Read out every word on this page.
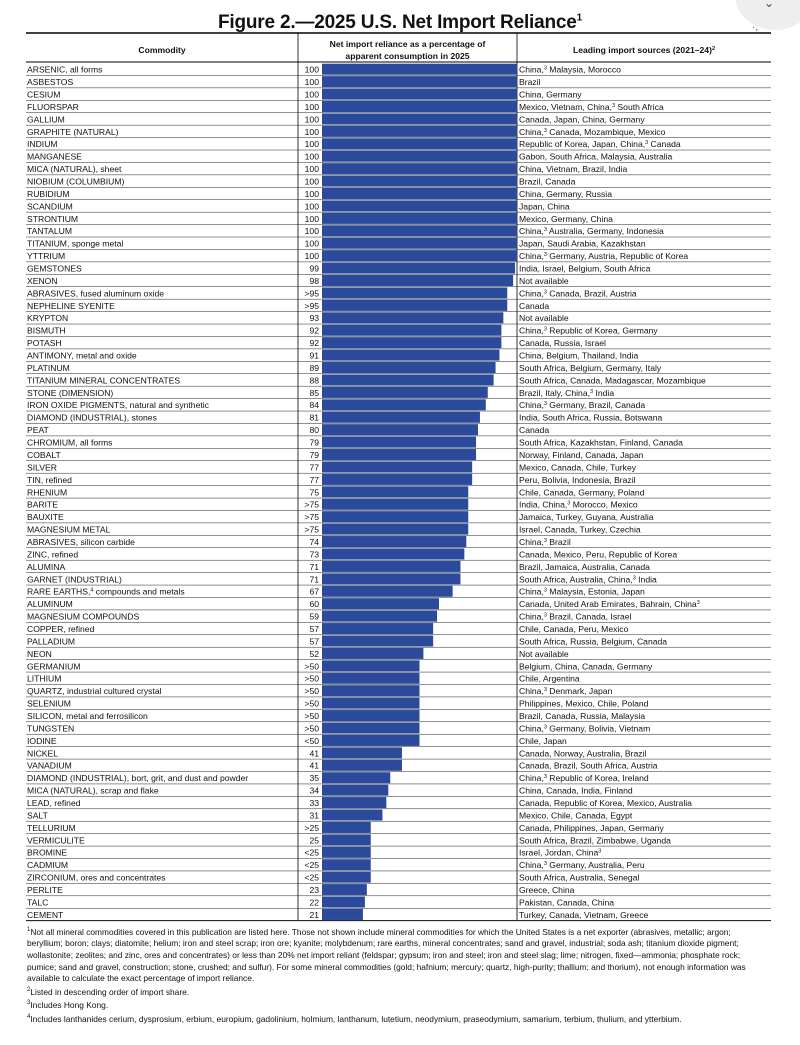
⌄
·,
Figure 2.—2025 U.S. Net Import Reliance$^1$
Commodity
Net import reliance as a percentage of
apparent consumption in 2025
Leading import sources (2021–24)$^2$
ARSENIC, all forms	100	China,$^3$ Malaysia, Morocco
ASBESTOS	100	Brazil
CESIUM	100	China, Germany
FLUORSPAR	100	Mexico, Vietnam, China,$^3$ South Africa
GALLIUM	100	Canada, Japan, China, Germany
GRAPHITE (NATURAL)	100	China,$^3$ Canada, Mozambique, Mexico
INDIUM	100	Republic of Korea, Japan, China,$^3$ Canada
MANGANESE	100	Gabon, South Africa, Malaysia, Australia
MICA (NATURAL), sheet	100	China, Vietnam, Brazil, India
NIOBIUM (COLUMBIUM)	100	Brazil, Canada
RUBIDIUM	100	China, Germany, Russia
SCANDIUM	100	Japan, China
STRONTIUM	100	Mexico, Germany, China
TANTALUM	100	China,$^3$ Australia, Germany, Indonesia
TITANIUM, sponge metal	100	Japan, Saudi Arabia, Kazakhstan
YTTRIUM	100	China,$^3$ Germany, Austria, Republic of Korea
GEMSTONES	99	India, Israel, Belgium, South Africa
XENON	98	Not available
ABRASIVES, fused aluminum oxide	>95	China,$^3$ Canada, Brazil, Austria
NEPHELINE SYENITE	>95	Canada
KRYPTON	93	Not available
BISMUTH	92	China,$^3$ Republic of Korea, Germany
POTASH	92	Canada, Russia, Israel
ANTIMONY, metal and oxide	91	China, Belgium, Thailand, India
PLATINUM	89	South Africa, Belgium, Germany, Italy
TITANIUM MINERAL CONCENTRATES	88	South Africa, Canada, Madagascar, Mozambique
STONE (DIMENSION)	85	Brazil, Italy, China,$^3$ India
IRON OXIDE PIGMENTS, natural and synthetic	84	China,$^3$ Germany, Brazil, Canada
DIAMOND (INDUSTRIAL), stones	81	India, South Africa, Russia, Botswana
PEAT	80	Canada
CHROMIUM, all forms	79	South Africa, Kazakhstan, Finland, Canada
COBALT	79	Norway, Finland, Canada, Japan
SILVER	77	Mexico, Canada, Chile, Turkey
TIN, refined	77	Peru, Bolivia, Indonesia, Brazil
RHENIUM	75	Chile, Canada, Germany, Poland
BARITE	>75	India, China,$^3$ Morocco, Mexico
BAUXITE	>75	Jamaica, Turkey, Guyana, Australia
MAGNESIUM METAL	>75	Israel, Canada, Turkey, Czechia
ABRASIVES, silicon carbide	74	China,$^3$ Brazil
ZINC, refined	73	Canada, Mexico, Peru, Republic of Korea
ALUMINA	71	Brazil, Jamaica, Australia, Canada
GARNET (INDUSTRIAL)	71	South Africa, Australia, China,$^3$ India
RARE EARTHS,$^4$ compounds and metals	67	China,$^3$ Malaysia, Estonia, Japan
ALUMINUM	60	Canada, United Arab Emirates, Bahrain, China$^3$
MAGNESIUM COMPOUNDS	59	China,$^3$ Brazil, Canada, Israel
COPPER, refined	57	Chile, Canada, Peru, Mexico
PALLADIUM	57	South Africa, Russia, Belgium, Canada
NEON	52	Not available
GERMANIUM	>50	Belgium, China, Canada, Germany
LITHIUM	>50	Chile, Argentina
QUARTZ, industrial cultured crystal	>50	China,$^3$ Denmark, Japan
SELENIUM	>50	Philippines, Mexico, Chile, Poland
SILICON, metal and ferrosilicon	>50	Brazil, Canada, Russia, Malaysia
TUNGSTEN	>50	China,$^3$ Germany, Bolivia, Vietnam
IODINE	<50	Chile, Japan
NICKEL	41	Canada, Norway, Australia, Brazil
VANADIUM	41	Canada, Brazil, South Africa, Austria
DIAMOND (INDUSTRIAL), bort, grit, and dust and powder	35	China,$^3$ Republic of Korea, Ireland
MICA (NATURAL), scrap and flake	34	China, Canada, India, Finland
LEAD, refined	33	Canada, Republic of Korea, Mexico, Australia
SALT	31	Mexico, Chile, Canada, Egypt
TELLURIUM	>25	Canada, Philippines, Japan, Germany
VERMICULITE	25	South Africa, Brazil, Zimbabwe, Uganda
BROMINE	<25	Israel, Jordan, China$^3$
CADMIUM	<25	China,$^3$ Germany, Australia, Peru
ZIRCONIUM, ores and concentrates	<25	South Africa, Australia, Senegal
PERLITE	23	Greece, China
TALC	22	Pakistan, Canada, China
CEMENT	21	Turkey, Canada, Vietnam, Greece

$^1$Not all mineral commodities covered in this publication are listed here. Those not shown include mineral commodities for which the United States is a net exporter (abrasives, metallic; argon; beryllium; boron; clays; diatomite; helium; iron and steel scrap; iron ore; kyanite; molybdenum; rare earths, mineral concentrates; sand and gravel, industrial; soda ash; titanium dioxide pigment; wollastonite; zeolites; and zinc, ores and concentrates) or less than 20% net import reliant (feldspar; gypsum; iron and steel; iron and steel slag; lime; nitrogen, fixed—ammonia; phosphate rock; pumice; sand and gravel, construction; stone, crushed; and sulfur). For some mineral commodities (gold; hafnium; mercury; quartz, high-purity; thallium; and thorium), not enough information was available to calculate the exact percentage of import reliance.

$^2$Listed in descending order of import share.

$^3$Includes Hong Kong.

$^4$Includes lanthanides cerium, dysprosium, erbium, europium, gadolinium, holmium, lanthanum, lutetium, neodymium, praseodymium, samarium, terbium, thulium, and ytterbium.
